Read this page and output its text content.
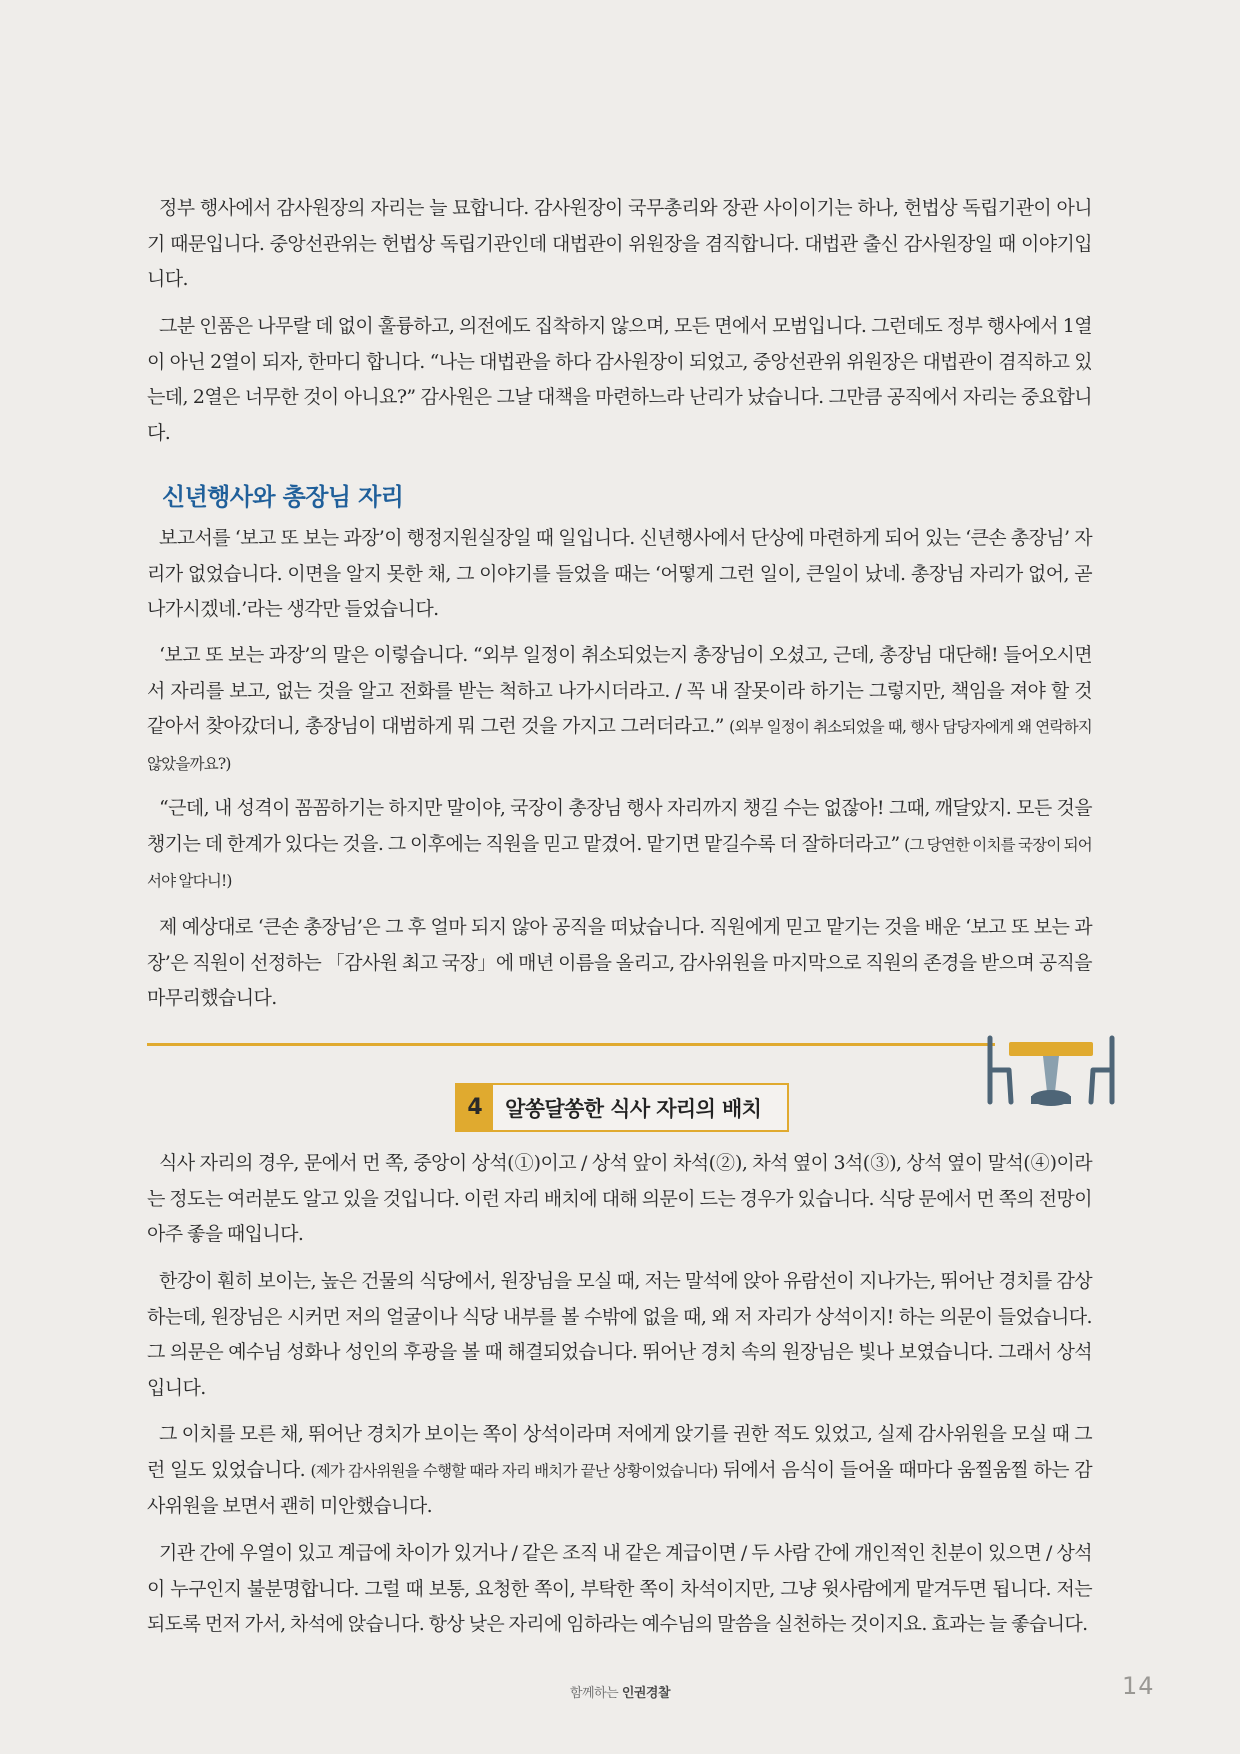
정부 행사에서 감사원장의 자리는 늘 묘합니다. 감사원장이 국무총리와 장관 사이이기는 하나, 헌법상 독립기관이 아니기 때문입니다. 중앙선관위는 헌법상 독립기관인데 대법관이 위원장을 겸직합니다. 대법관 출신 감사원장일 때 이야기입니다.

그분 인품은 나무랄 데 없이 훌륭하고, 의전에도 집착하지 않으며, 모든 면에서 모범입니다. 그런데도 정부 행사에서 1열이 아닌 2열이 되자, 한마디 합니다. “나는 대법관을 하다 감사원장이 되었고, 중앙선관위 위원장은 대법관이 겸직하고 있는데, 2열은 너무한 것이 아니요?” 감사원은 그날 대책을 마련하느라 난리가 났습니다. 그만큼 공직에서 자리는 중요합니다.

신년행사와 총장님 자리

보고서를 ‘보고 또 보는 과장’이 행정지원실장일 때 일입니다. 신년행사에서 단상에 마련하게 되어 있는 ‘큰손 총장님’ 자리가 없었습니다. 이면을 알지 못한 채, 그 이야기를 들었을 때는 ‘어떻게 그런 일이, 큰일이 났네. 총장님 자리가 없어, 곧 나가시겠네.’라는 생각만 들었습니다.

‘보고 또 보는 과장’의 말은 이렇습니다. “외부 일정이 취소되었는지 총장님이 오셨고, 근데, 총장님 대단해! 들어오시면서 자리를 보고, 없는 것을 알고 전화를 받는 척하고 나가시더라고. / 꼭 내 잘못이라 하기는 그렇지만, 책임을 져야 할 것 같아서 찾아갔더니, 총장님이 대범하게 뭐 그런 것을 가지고 그러더라고.” (외부 일정이 취소되었을 때, 행사 담당자에게 왜 연락하지 않았을까요?)

“근데, 내 성격이 꼼꼼하기는 하지만 말이야, 국장이 총장님 행사 자리까지 챙길 수는 없잖아! 그때, 깨달았지. 모든 것을 챙기는 데 한계가 있다는 것을. 그 이후에는 직원을 믿고 맡겼어. 맡기면 맡길수록 더 잘하더라고” (그 당연한 이치를 국장이 되어서야 알다니!)

제 예상대로 ‘큰손 총장님’은 그 후 얼마 되지 않아 공직을 떠났습니다. 직원에게 믿고 맡기는 것을 배운 ‘보고 또 보는 과장’은 직원이 선정하는 「감사원 최고 국장」에 매년 이름을 올리고, 감사위원을 마지막으로 직원의 존경을 받으며 공직을 마무리했습니다.

4	알쏭달쏭한 식사 자리의 배치

식사 자리의 경우, 문에서 먼 쪽, 중앙이 상석(①)이고 / 상석 앞이 차석(②), 차석 옆이 3석(③), 상석 옆이 말석(④)이라는 정도는 여러분도 알고 있을 것입니다. 이런 자리 배치에 대해 의문이 드는 경우가 있습니다. 식당 문에서 먼 쪽의 전망이 아주 좋을 때입니다.

한강이 훤히 보이는, 높은 건물의 식당에서, 원장님을 모실 때, 저는 말석에 앉아 유람선이 지나가는, 뛰어난 경치를 감상하는데, 원장님은 시커먼 저의 얼굴이나 식당 내부를 볼 수밖에 없을 때, 왜 저 자리가 상석이지! 하는 의문이 들었습니다. 그 의문은 예수님 성화나 성인의 후광을 볼 때 해결되었습니다. 뛰어난 경치 속의 원장님은 빛나 보였습니다. 그래서 상석입니다.

그 이치를 모른 채, 뛰어난 경치가 보이는 쪽이 상석이라며 저에게 앉기를 권한 적도 있었고, 실제 감사위원을 모실 때 그런 일도 있었습니다. (제가 감사위원을 수행할 때라 자리 배치가 끝난 상황이었습니다) 뒤에서 음식이 들어올 때마다 움찔움찔 하는 감사위원을 보면서 괜히 미안했습니다.

기관 간에 우열이 있고 계급에 차이가 있거나 / 같은 조직 내 같은 계급이면 / 두 사람 간에 개인적인 친분이 있으면 / 상석이 누구인지 불분명합니다. 그럴 때 보통, 요청한 쪽이, 부탁한 쪽이 차석이지만, 그냥 윗사람에게 맡겨두면 됩니다. 저는 되도록 먼저 가서, 차석에 앉습니다. 항상 낮은 자리에 임하라는 예수님의 말씀을 실천하는 것이지요. 효과는 늘 좋습니다.

함께하는 인권경찰	14
